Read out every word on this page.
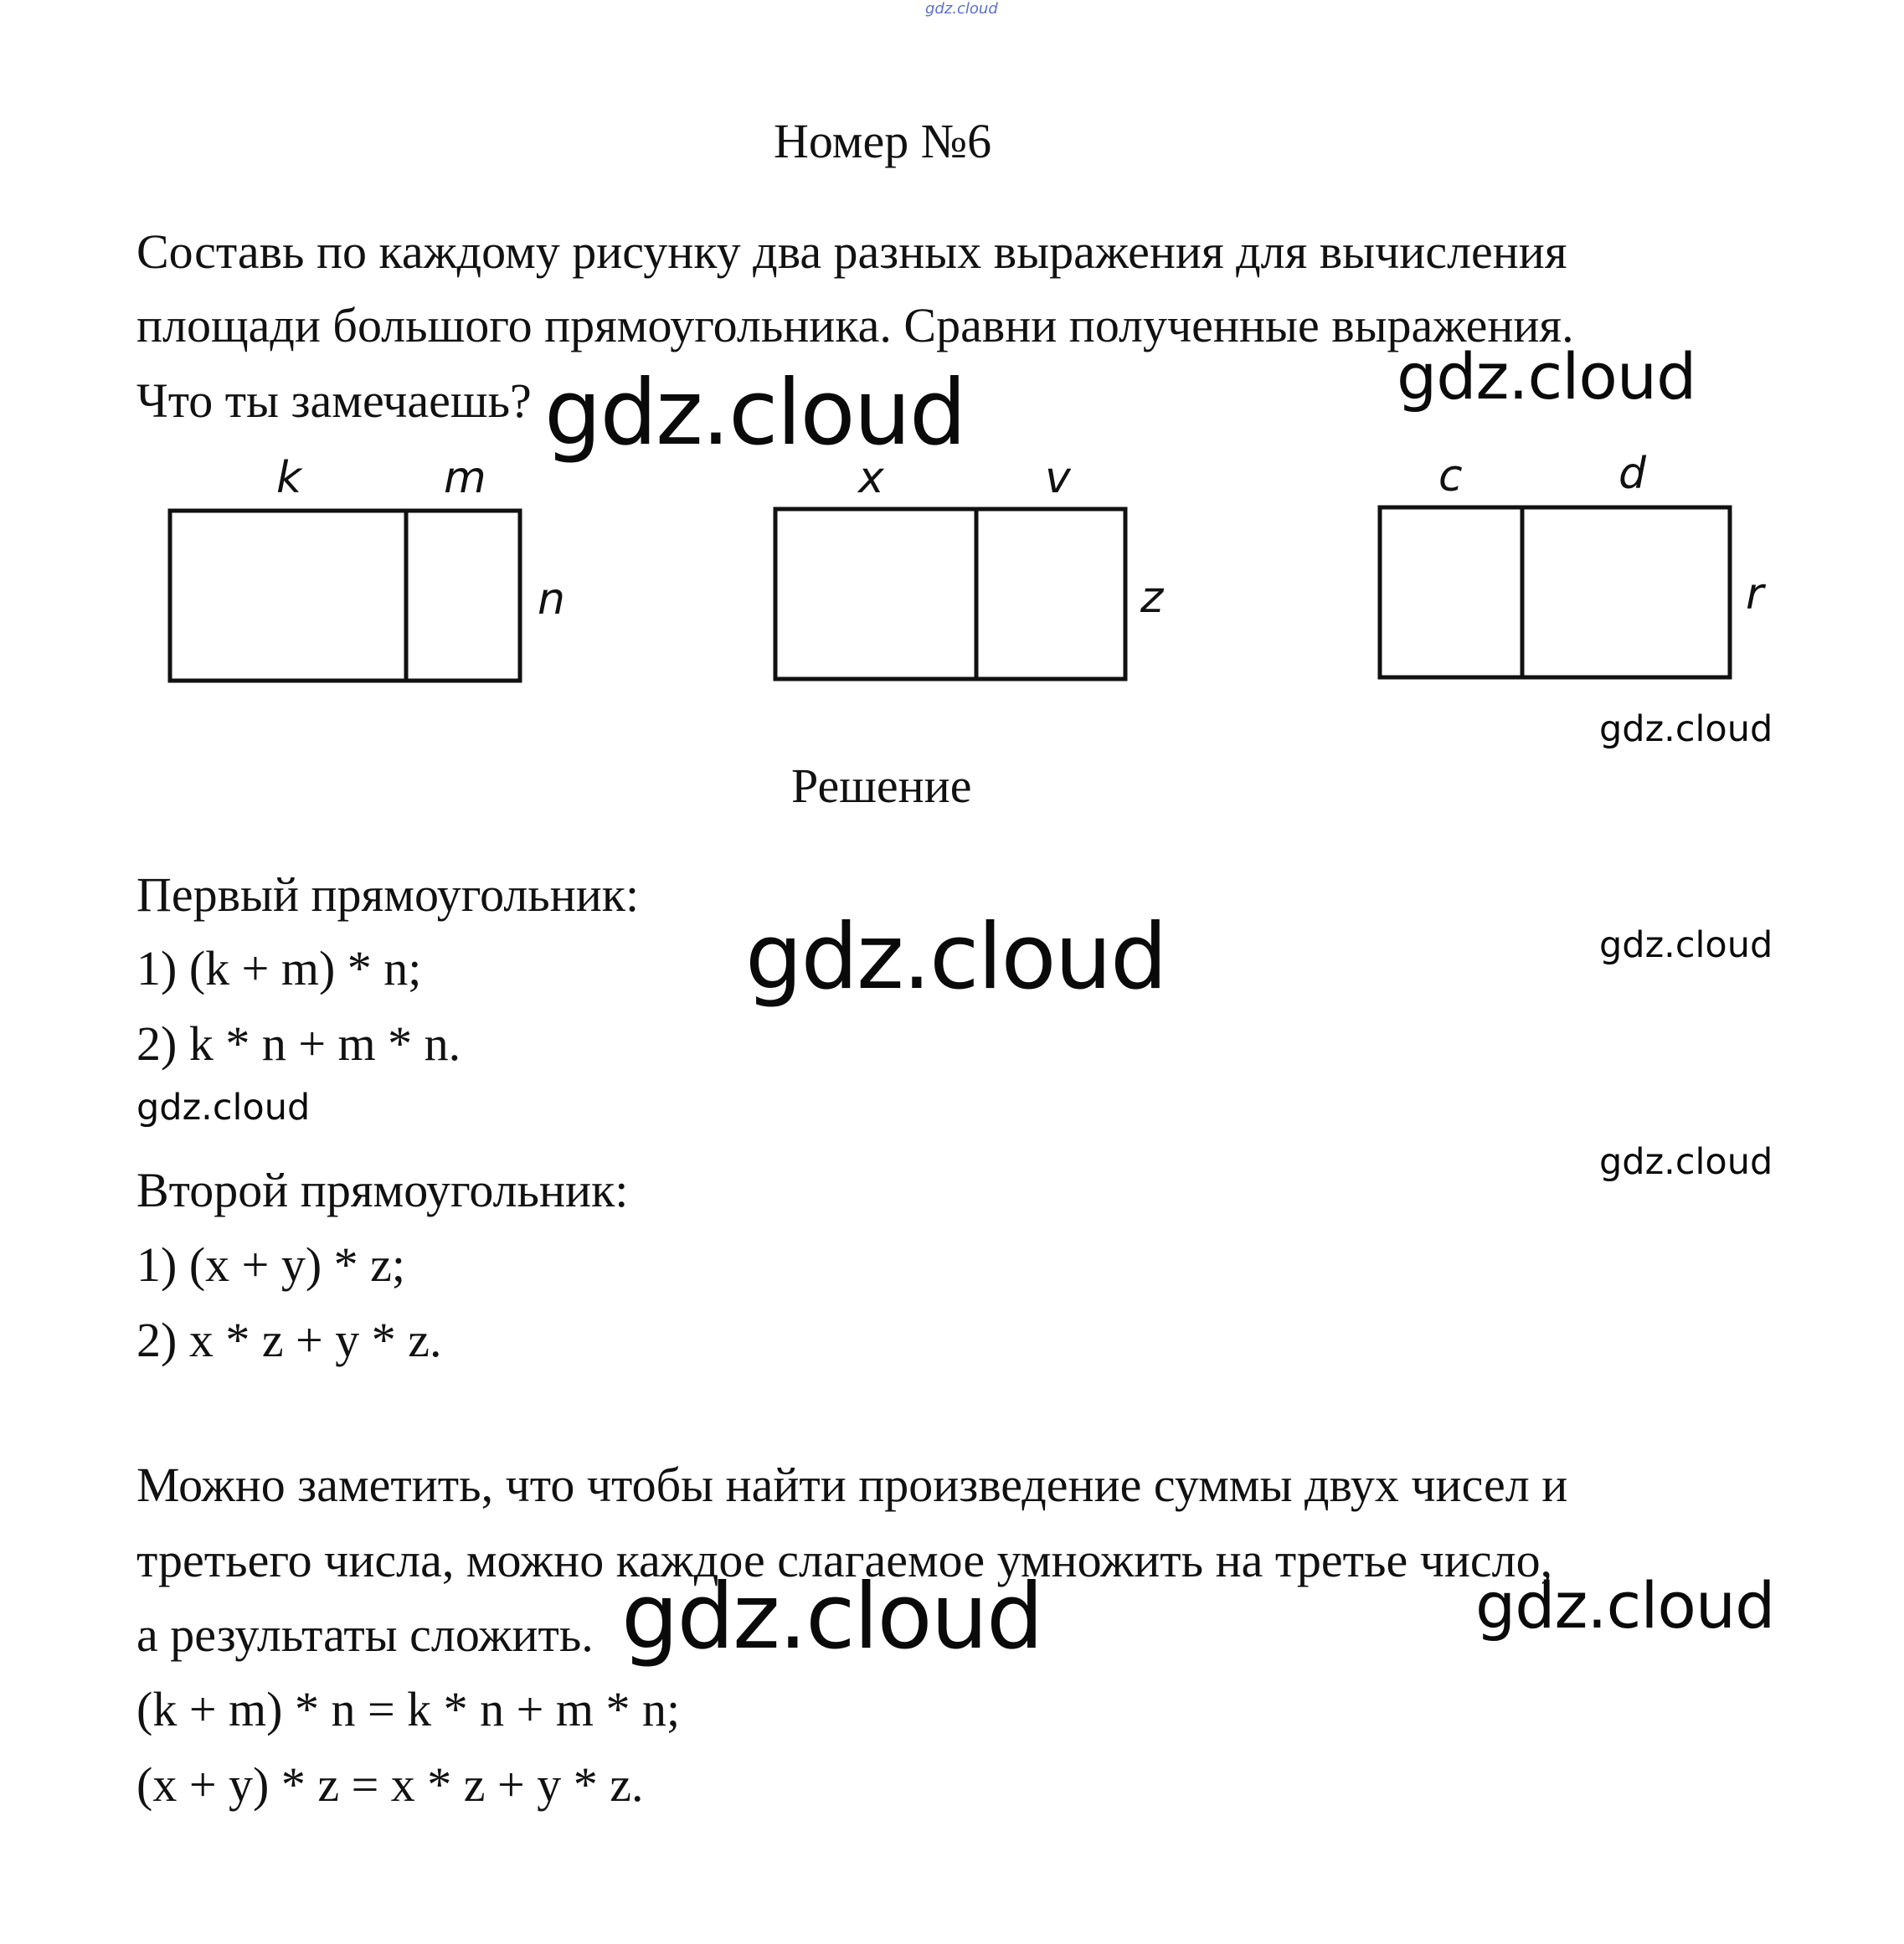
gdz.cloud
Номер №6
Составь по каждому рисунку два разных выражения для вычисления
площади большого прямоугольника. Сравни полученные выражения.
Что ты замечаешь? gdz.cloud	gdz.cloud
k	m
n
x	v
z
c	d
r
gdz.cloud
Решение
Первый прямоугольник:
1) (k + m) * n;
2) k * n + m * n.
gdz.cloud	gdz.cloud
gdz.cloud
gdz.cloud
Второй прямоугольник:
1) (x + y) * z;
2) x * z + y * z.
Можно заметить, что чтобы найти произведение суммы двух чисел и
третьего числа, можно каждое слагаемое умножить на третье число,
а результаты сложить. gdz.cloud	gdz.cloud
(k + m) * n = k * n + m * n;
(x + y) * z = x * z + y * z.
